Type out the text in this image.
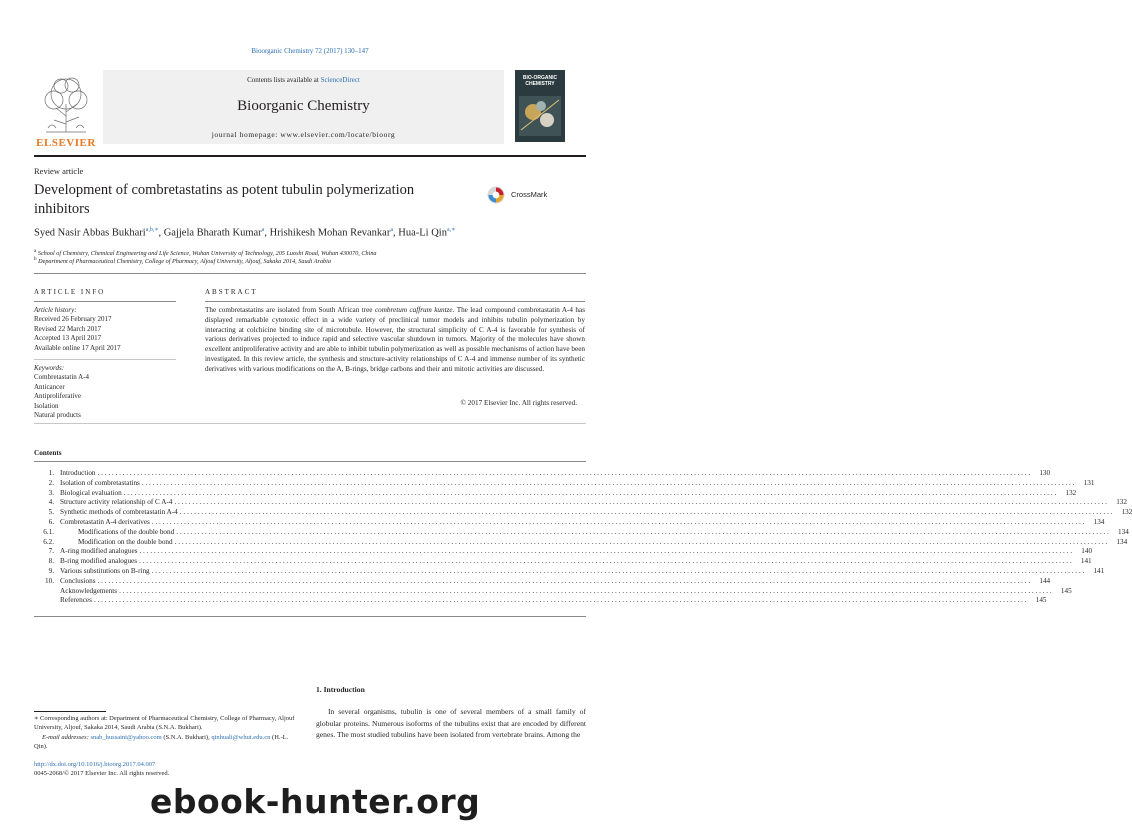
Bioorganic Chemistry 72 (2017) 130–147
ELSEVIER
Contents lists available at ScienceDirect
Bioorganic Chemistry
journal homepage: www.elsevier.com/locate/bioorg
BIO-ORGANIC
CHEMISTRY
Review article
Development of combretastatins as potent tubulin polymerization inhibitors
CrossMark
Syed Nasir Abbas Bukhari$^{a,b,∗}$, Gajjela Bharath Kumar$^a$, Hrishikesh Mohan Revankar$^a$, Hua-Li Qin$^{a,∗}$
$^a$ School of Chemistry, Chemical Engineering and Life Science, Wuhan University of Technology, 205 Luoshi Road, Wuhan 430070, China
$^b$ Department of Pharmaceutical Chemistry, College of Pharmacy, Aljouf University, Aljouf, Sakaka 2014, Saudi Arabia
ARTICLE INFO
Article history:
Received 26 February 2017
Revised 22 March 2017
Accepted 13 April 2017
Available online 17 April 2017
Keywords:
Combretastatin A-4
Anticancer
Antiproliferative
Isolation
Natural products
ABSTRACT
The combretastatins are isolated from South African tree combretum caffrum kuntze. The lead compound combretastatin A-4 has displayed remarkable cytotoxic effect in a wide variety of preclinical tumor models and inhibits tubulin polymerization by interacting at colchicine binding site of microtubule. However, the structural simplicity of C A-4 is favorable for synthesis of various derivatives projected to induce rapid and selective vascular shutdown in tumors. Majority of the molecules have shown excellent antiproliferative activity and are able to inhibit tubulin polymerization as well as possible mechanisms of action have been investigated. In this review article, the synthesis and structure-activity relationships of C A-4 and immense number of its synthetic derivatives with various modifications on the A, B-rings, bridge carbons and their anti mitotic activities are discussed.
© 2017 Elsevier Inc. All rights reserved.
Contents
1. Introduction . . . . . . . . . . . . . . . . . . . . . . . . . . . . . . . . . . . . . . . . . . . . . . . . . . . . . . . . . . . . . . . . . . . . . . . . . . . . . . . . . . . . . . . . . . . . . . . . . . . . . . . . . . . . . . . . . . . . . . . . . . . . . . . . . . . . . . . . . . . . . . . . . . . . . . . . . . . . . . . . . . . . . . . . . . . . . . . . . . . . . . . . . . . . . . . . . . . . . . . . . . . . . . . . . . . . . . . . . . . . . . . . . . . . . . . . . . . . . . . . . . . . . . . . . . . . . . . . . . . .	130
2. Isolation of combretastatins . . . . . . . . . . . . . . . . . . . . . . . . . . . . . . . . . . . . . . . . . . . . . . . . . . . . . . . . . . . . . . . . . . . . . . . . . . . . . . . . . . . . . . . . . . . . . . . . . . . . . . . . . . . . . . . . . . . . . . . . . . . . . . . . . . . . . . . . . . . . . . . . . . . . . . . . . . . . . . . . . . . . . . . . . . . . . . . . . . . . . . . . . . . . . . . . . . . . . . . . . . . . . . . . . . . . . . . . . . . . . . . . . . . . . . . . . . . . . . . . . . . . . . . . . . . . . . . . . . . .	131
3. Biological evaluation . . . . . . . . . . . . . . . . . . . . . . . . . . . . . . . . . . . . . . . . . . . . . . . . . . . . . . . . . . . . . . . . . . . . . . . . . . . . . . . . . . . . . . . . . . . . . . . . . . . . . . . . . . . . . . . . . . . . . . . . . . . . . . . . . . . . . . . . . . . . . . . . . . . . . . . . . . . . . . . . . . . . . . . . . . . . . . . . . . . . . . . . . . . . . . . . . . . . . . . . . . . . . . . . . . . . . . . . . . . . . . . . . . . . . . . . . . . . . . . . . . . . . . . . . . . . . . . . . . . .	132
4. Structure activity relationship of C A-4 . . . . . . . . . . . . . . . . . . . . . . . . . . . . . . . . . . . . . . . . . . . . . . . . . . . . . . . . . . . . . . . . . . . . . . . . . . . . . . . . . . . . . . . . . . . . . . . . . . . . . . . . . . . . . . . . . . . . . . . . . . . . . . . . . . . . . . . . . . . . . . . . . . . . . . . . . . . . . . . . . . . . . . . . . . . . . . . . . . . . . . . . . . . . . . . . . . . . . . . . . . . . . . . . . . . . . . . . . . . . . . . . . . . . . . . . . . . . . . . . . . . . . . . . . . . . . . . . . . . .	132
5. Synthetic methods of combretastatin A-4 . . . . . . . . . . . . . . . . . . . . . . . . . . . . . . . . . . . . . . . . . . . . . . . . . . . . . . . . . . . . . . . . . . . . . . . . . . . . . . . . . . . . . . . . . . . . . . . . . . . . . . . . . . . . . . . . . . . . . . . . . . . . . . . . . . . . . . . . . . . . . . . . . . . . . . . . . . . . . . . . . . . . . . . . . . . . . . . . . . . . . . . . . . . . . . . . . . . . . . . . . . . . . . . . . . . . . . . . . . . . . . . . . . . . . . . . . . . . . . . . . . . . . . . . . . . . . . . . . . . .	132
6. Combretastatin A-4 derivatives . . . . . . . . . . . . . . . . . . . . . . . . . . . . . . . . . . . . . . . . . . . . . . . . . . . . . . . . . . . . . . . . . . . . . . . . . . . . . . . . . . . . . . . . . . . . . . . . . . . . . . . . . . . . . . . . . . . . . . . . . . . . . . . . . . . . . . . . . . . . . . . . . . . . . . . . . . . . . . . . . . . . . . . . . . . . . . . . . . . . . . . . . . . . . . . . . . . . . . . . . . . . . . . . . . . . . . . . . . . . . . . . . . . . . . . . . . . . . . . . . . . . . . . . . . . . . . . . . . . .	134
6.1.	Modifications of the double bond . . . . . . . . . . . . . . . . . . . . . . . . . . . . . . . . . . . . . . . . . . . . . . . . . . . . . . . . . . . . . . . . . . . . . . . . . . . . . . . . . . . . . . . . . . . . . . . . . . . . . . . . . . . . . . . . . . . . . . . . . . . . . . . . . . . . . . . . . . . . . . . . . . . . . . . . . . . . . . . . . . . . . . . . . . . . . . . . . . . . . . . . . . . . . . . . . . . . . . . . . . . . . . . . . . . . . . . . . . . . . . . . . . . . . . . . . . . . . . . . . . . . . . . . . . . . . . . . . . . .	134
6.2.	Modification on the double bond . . . . . . . . . . . . . . . . . . . . . . . . . . . . . . . . . . . . . . . . . . . . . . . . . . . . . . . . . . . . . . . . . . . . . . . . . . . . . . . . . . . . . . . . . . . . . . . . . . . . . . . . . . . . . . . . . . . . . . . . . . . . . . . . . . . . . . . . . . . . . . . . . . . . . . . . . . . . . . . . . . . . . . . . . . . . . . . . . . . . . . . . . . . . . . . . . . . . . . . . . . . . . . . . . . . . . . . . . . . . . . . . . . . . . . . . . . . . . . . . . . . . . . . . . . . . . . . . . . . .	134
7. A-ring modified analogues . . . . . . . . . . . . . . . . . . . . . . . . . . . . . . . . . . . . . . . . . . . . . . . . . . . . . . . . . . . . . . . . . . . . . . . . . . . . . . . . . . . . . . . . . . . . . . . . . . . . . . . . . . . . . . . . . . . . . . . . . . . . . . . . . . . . . . . . . . . . . . . . . . . . . . . . . . . . . . . . . . . . . . . . . . . . . . . . . . . . . . . . . . . . . . . . . . . . . . . . . . . . . . . . . . . . . . . . . . . . . . . . . . . . . . . . . . . . . . . . . . . . . . . . . . . . . . . . . . . .	140
8. B-ring modified analogues . . . . . . . . . . . . . . . . . . . . . . . . . . . . . . . . . . . . . . . . . . . . . . . . . . . . . . . . . . . . . . . . . . . . . . . . . . . . . . . . . . . . . . . . . . . . . . . . . . . . . . . . . . . . . . . . . . . . . . . . . . . . . . . . . . . . . . . . . . . . . . . . . . . . . . . . . . . . . . . . . . . . . . . . . . . . . . . . . . . . . . . . . . . . . . . . . . . . . . . . . . . . . . . . . . . . . . . . . . . . . . . . . . . . . . . . . . . . . . . . . . . . . . . . . . . . . . . . . . . .	141
9. Various substitutions on B-ring . . . . . . . . . . . . . . . . . . . . . . . . . . . . . . . . . . . . . . . . . . . . . . . . . . . . . . . . . . . . . . . . . . . . . . . . . . . . . . . . . . . . . . . . . . . . . . . . . . . . . . . . . . . . . . . . . . . . . . . . . . . . . . . . . . . . . . . . . . . . . . . . . . . . . . . . . . . . . . . . . . . . . . . . . . . . . . . . . . . . . . . . . . . . . . . . . . . . . . . . . . . . . . . . . . . . . . . . . . . . . . . . . . . . . . . . . . . . . . . . . . . . . . . . . . . . . . . . . . . .	141
10. Conclusions . . . . . . . . . . . . . . . . . . . . . . . . . . . . . . . . . . . . . . . . . . . . . . . . . . . . . . . . . . . . . . . . . . . . . . . . . . . . . . . . . . . . . . . . . . . . . . . . . . . . . . . . . . . . . . . . . . . . . . . . . . . . . . . . . . . . . . . . . . . . . . . . . . . . . . . . . . . . . . . . . . . . . . . . . . . . . . . . . . . . . . . . . . . . . . . . . . . . . . . . . . . . . . . . . . . . . . . . . . . . . . . . . . . . . . . . . . . . . . . . . . . . . . . . . . . . . . . . . . . .	144
Acknowledgements . . . . . . . . . . . . . . . . . . . . . . . . . . . . . . . . . . . . . . . . . . . . . . . . . . . . . . . . . . . . . . . . . . . . . . . . . . . . . . . . . . . . . . . . . . . . . . . . . . . . . . . . . . . . . . . . . . . . . . . . . . . . . . . . . . . . . . . . . . . . . . . . . . . . . . . . . . . . . . . . . . . . . . . . . . . . . . . . . . . . . . . . . . . . . . . . . . . . . . . . . . . . . . . . . . . . . . . . . . . . . . . . . . . . . . . . . . . . . . . . . . . . . . . . . . . . . . . . . . . .	145
References . . . . . . . . . . . . . . . . . . . . . . . . . . . . . . . . . . . . . . . . . . . . . . . . . . . . . . . . . . . . . . . . . . . . . . . . . . . . . . . . . . . . . . . . . . . . . . . . . . . . . . . . . . . . . . . . . . . . . . . . . . . . . . . . . . . . . . . . . . . . . . . . . . . . . . . . . . . . . . . . . . . . . . . . . . . . . . . . . . . . . . . . . . . . . . . . . . . . . . . . . . . . . . . . . . . . . . . . . . . . . . . . . . . . . . . . . . . . . . . . . . . . . . . . . . . . . . . . . . . .	145
1. Introduction
In several organisms, tubulin is one of several members of a small family of globular proteins. Numerous isoforms of the tubulins exist that are encoded by different genes. The most studied tubulins have been isolated from vertebrate brains. Among the
∗ Corresponding authors at: Department of Pharmaceutical Chemistry, College of Pharmacy, Aljouf University, Aljouf, Sakaka 2014, Saudi Arabia (S.N.A. Bukhari).
E-mail addresses: snab_hussaini@yahoo.com (S.N.A. Bukhari), qinhuali@whut.edu.cn (H.-L. Qin).
http://dx.doi.org/10.1016/j.bioorg.2017.04.007
0045-2068/© 2017 Elsevier Inc. All rights reserved.
ebook-hunter.org
